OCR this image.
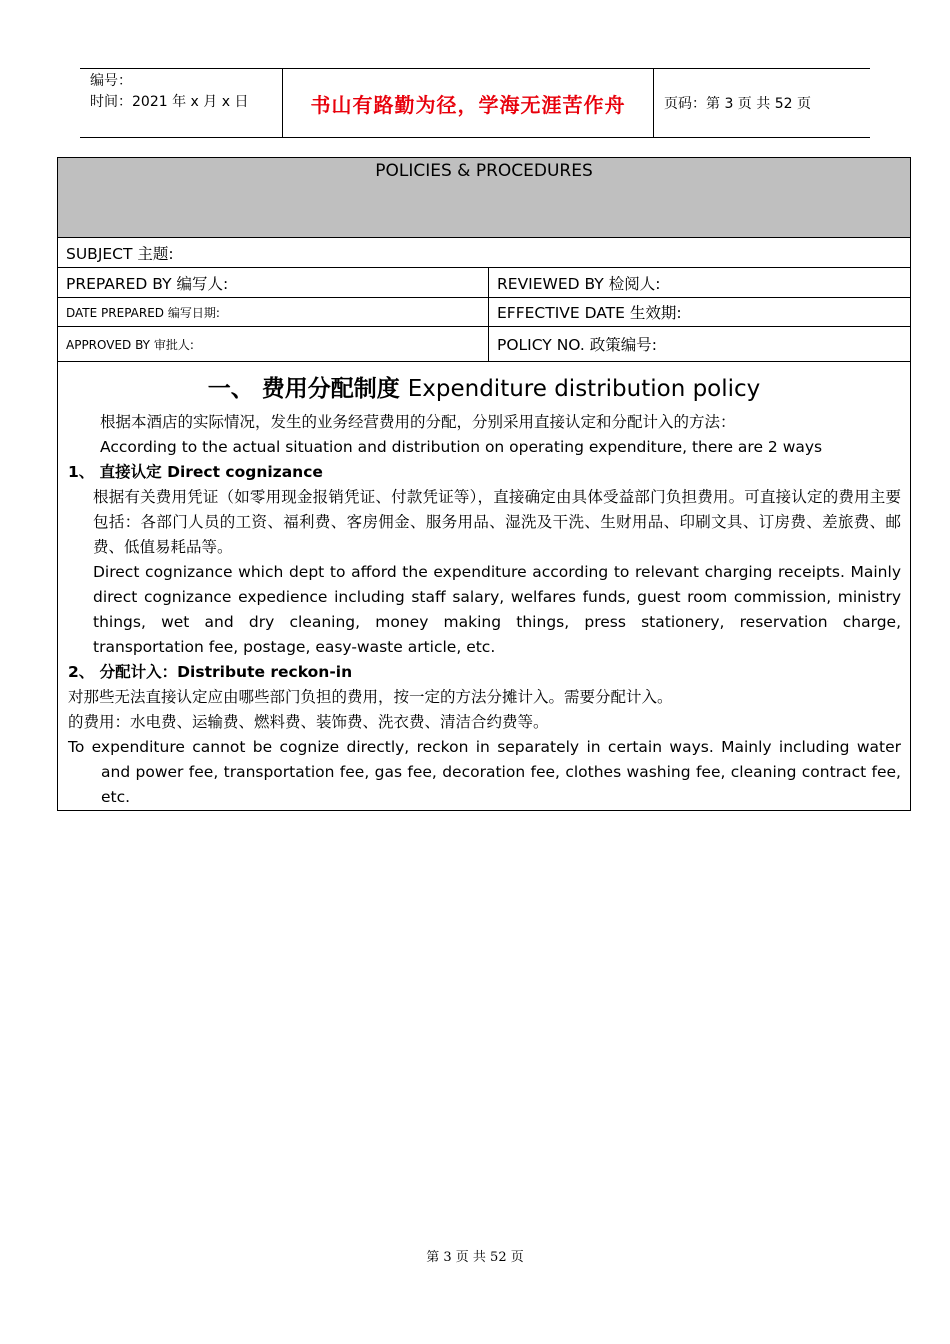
编号：
时间：2021 年 x 月 x 日	书山有路勤为径，学海无涯苦作舟	页码：第 3 页 共 52 页
POLICIES & PROCEDURES
SUBJECT 主题:
PREPARED BY 编写人:	REVIEWED BY 检阅人:
DATE PREPARED 编写日期:	EFFECTIVE DATE 生效期:
APPROVED BY 审批人:	POLICY NO. 政策编号:
一、 费用分配制度 Expenditure distribution policy
根据本酒店的实际情况，发生的业务经营费用的分配，分别采用直接认定和分配计入的方法：
According to the actual situation and distribution on operating expenditure, there are 2 ways
1、 直接认定 Direct cognizance
根据有关费用凭证（如零用现金报销凭证、付款凭证等），直接确定由具体受益部门负担费用。可直接认定的费用主要包括：各部门人员的工资、福利费、客房佣金、服务用品、湿洗及干洗、生财用品、印刷文具、订房费、差旅费、邮费、低值易耗品等。
Direct cognizance which dept to afford the expenditure according to relevant charging receipts. Mainly direct cognizance expedience including staff salary, welfares funds, guest room commission, ministry things, wet and dry cleaning, money making things, press stationery, reservation charge, transportation fee, postage, easy-waste article, etc.
2、 分配计入：Distribute reckon-in
对那些无法直接认定应由哪些部门负担的费用，按一定的方法分摊计入。需要分配计入。
的费用：水电费、运输费、燃料费、装饰费、洗衣费、清洁合约费等。
To expenditure cannot be cognize directly, reckon in separately in certain ways. Mainly including water and power fee, transportation fee, gas fee, decoration fee, clothes washing fee, cleaning contract fee, etc.
第 3 页 共 52 页
